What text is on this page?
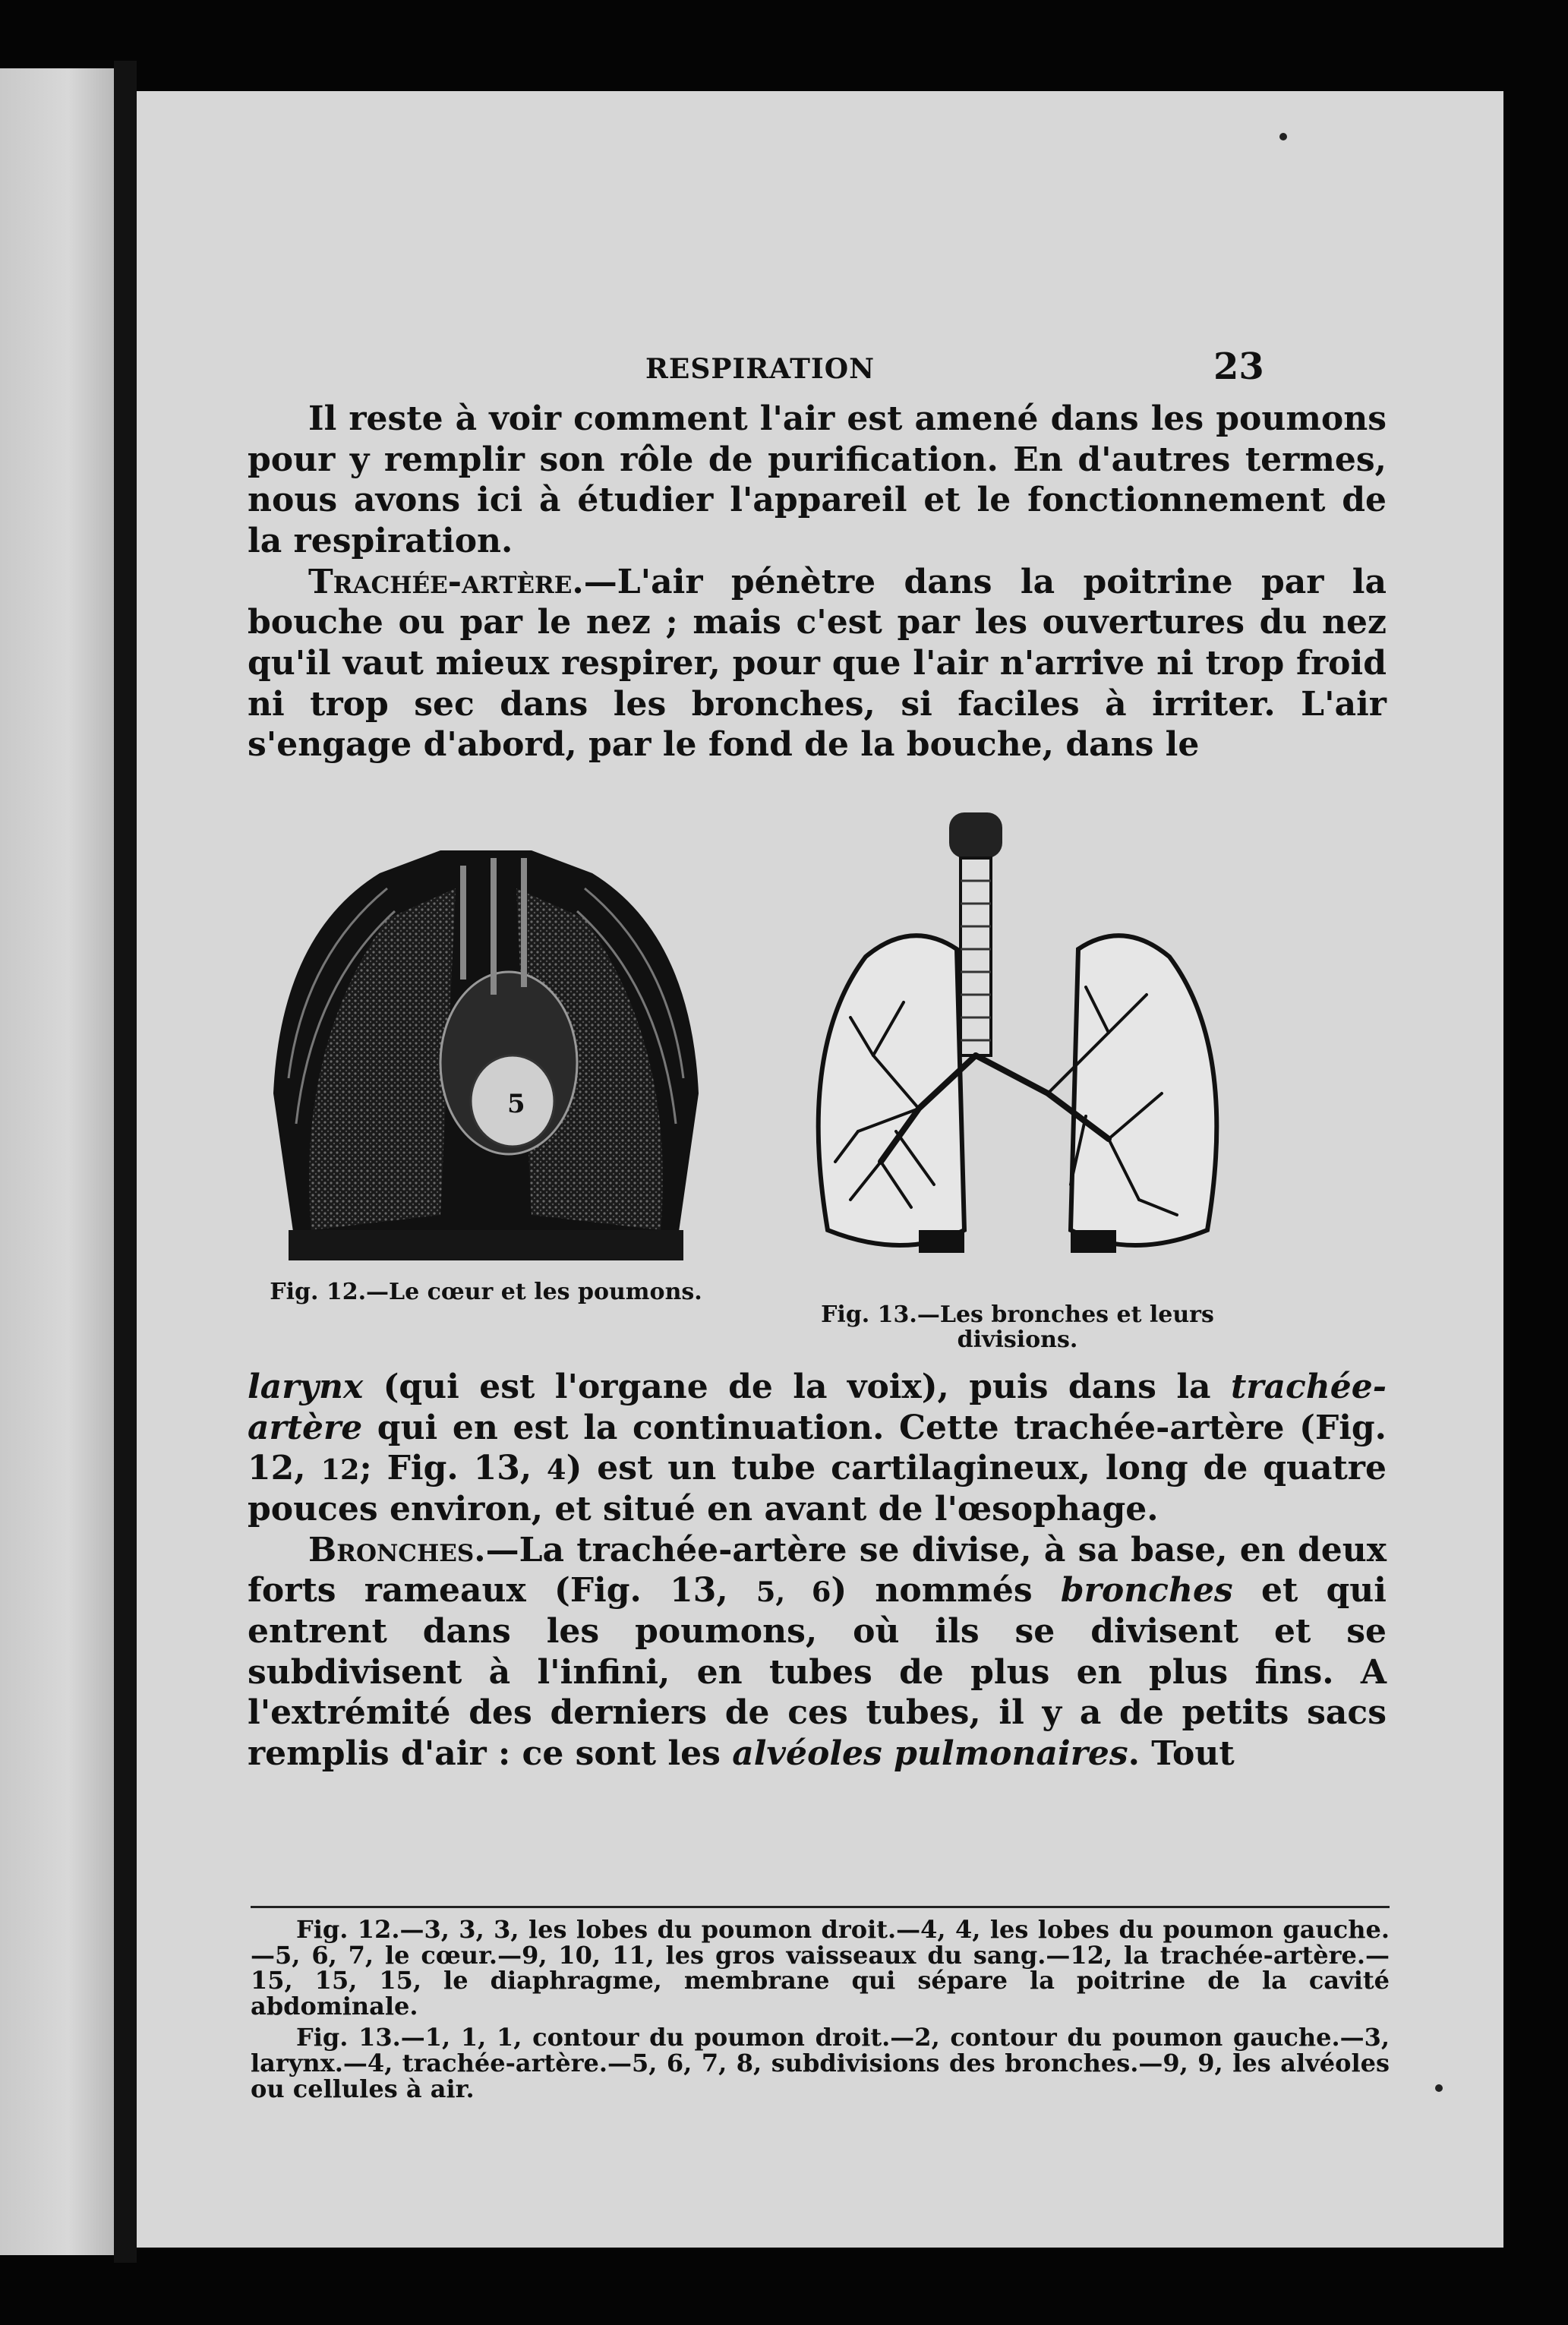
RESPIRATION	23

Il reste à voir comment l'air est amené dans les poumons pour y remplir son rôle de purification. En d'autres termes, nous avons ici à étudier l'appareil et le fonctionnement de la respiration.

Trachée-artère.—L'air pénètre dans la poitrine par la bouche ou par le nez ; mais c'est par les ouvertures du nez qu'il vaut mieux respirer, pour que l'air n'arrive ni trop froid ni trop sec dans les bronches, si faciles à irriter. L'air s'engage d'abord, par le fond de la bouche, dans le

5
Fig. 12.—Le cœur et les poumons.
Fig. 13.—Les bronches et leurs divisions.

larynx (qui est l'organe de la voix), puis dans la trachée-artère qui en est la continuation. Cette trachée-artère (Fig. 12, 12; Fig. 13, 4) est un tube cartilagineux, long de quatre pouces environ, et situé en avant de l'œsophage.

Bronches.—La trachée-artère se divise, à sa base, en deux forts rameaux (Fig. 13, 5, 6) nommés bronches et qui entrent dans les poumons, où ils se divisent et se subdivisent à l'infini, en tubes de plus en plus fins. A l'extrémité des derniers de ces tubes, il y a de petits sacs remplis d'air : ce sont les alvéoles pulmonaires. Tout

Fig. 12.—3, 3, 3, les lobes du poumon droit.—4, 4, les lobes du poumon gauche.—5, 6, 7, le cœur.—9, 10, 11, les gros vaisseaux du sang.—12, la trachée-artère.—15, 15, 15, le diaphragme, membrane qui sépare la poitrine de la cavité abdominale.

Fig. 13.—1, 1, 1, contour du poumon droit.—2, contour du poumon gauche.—3, larynx.—4, trachée-artère.—5, 6, 7, 8, subdivisions des bronches.—9, 9, les alvéoles ou cellules à air.
